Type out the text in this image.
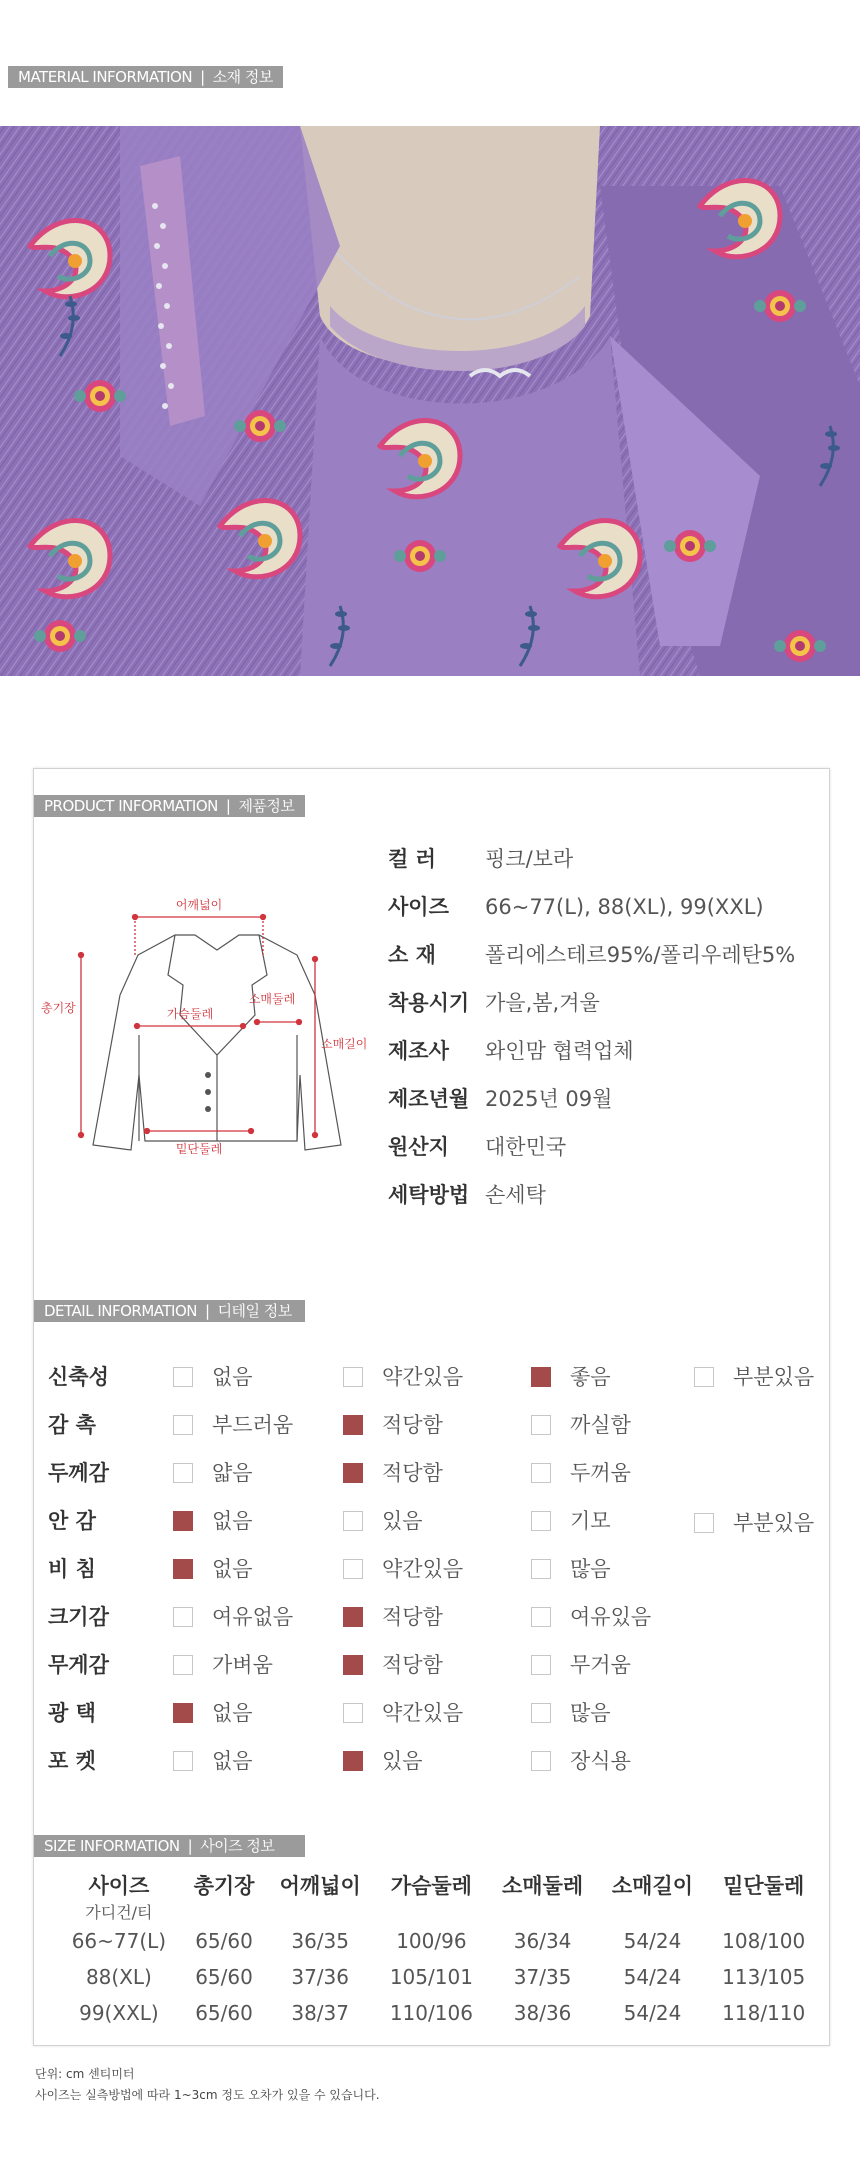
MATERIAL INFORMATION | 소재 정보
PRODUCT INFORMATION | 제품정보
어깨넓이
총기장	가슴둘레
소매둘레
소매길이
밑단둘레
컬 러 핑크/보라
사이즈 66~77(L), 88(XL), 99(XXL)
소 재 폴리에스테르95%/폴리우레탄5%
착용시기 가을,봄,겨울
제조사 와인맘 협력업체
제조년월 2025년 09월
원산지 대한민국
세탁방법 손세탁
DETAIL INFORMATION | 디테일 정보
신축성	없음	약간있음	좋음	부분있음
감 촉	부드러움	적당함	까실함
두께감	얇음	적당함	두꺼움
안 감	없음	있음	기모	부분있음
비 침	없음	약간있음	많음
크기감	여유없음	적당함	여유있음
무게감	가벼움	적당함	무거움
광 택	없음	약간있음	많음
포 켓	없음	있음	장식용
SIZE INFORMATION | 사이즈 정보
사이즈	총기장	어깨넓이	가슴둘레	소매둘레	소매길이	밑단둘레
가디건/티						
66~77(L)	65/60	36/35	100/96	36/34	54/24	108/100
88(XL)	65/60	37/36	105/101	37/35	54/24	113/105
99(XXL)	65/60	38/37	110/106	38/36	54/24	118/110
단위: cm 센티미터
사이즈는 실측방법에 따라 1~3cm 정도 오차가 있을 수 있습니다.
